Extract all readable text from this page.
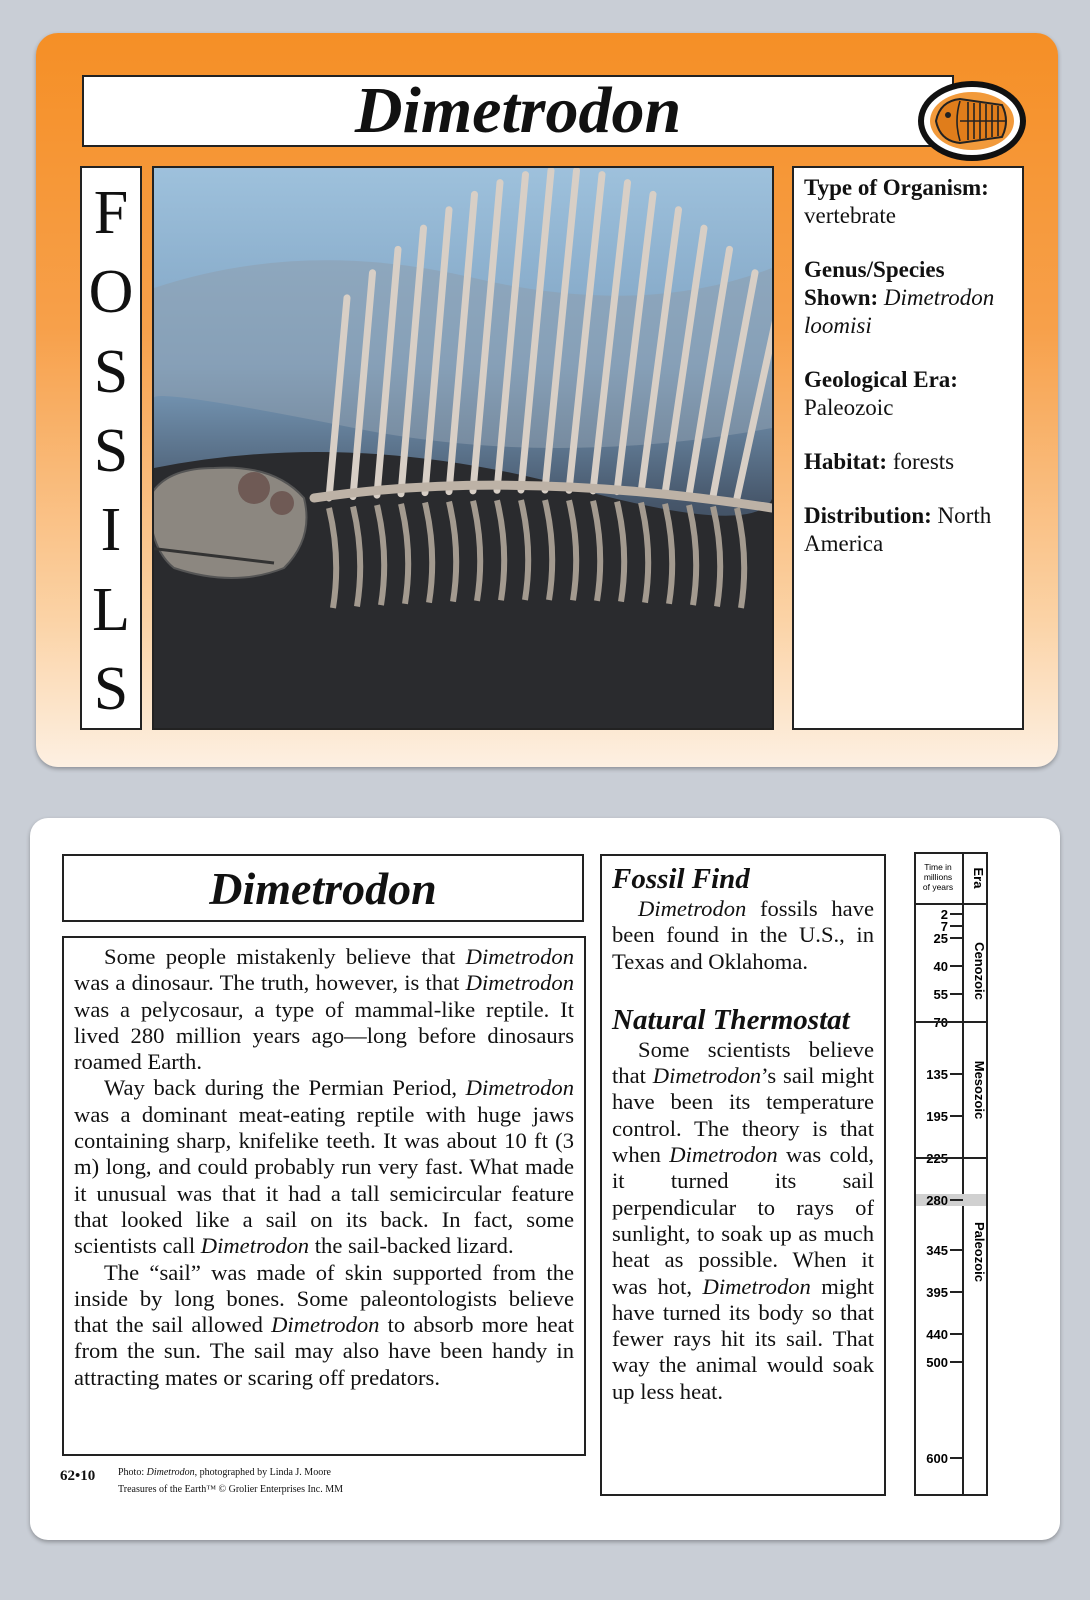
Dimetrodon
F
O
S
S
I
L
S

Type of Organism:
vertebrate

Genus/Species Shown: Dimetrodon loomisi

Geological Era:
Paleozoic

Habitat: forests

Distribution: North America

Dimetrodon

Some people mistakenly believe that Dimetrodon was a dinosaur. The truth, however, is that Dimetrodon was a pelycosaur, a type of mammal-like reptile. It lived 280 million years ago—long before dinosaurs roamed Earth.

Way back during the Permian Period, Dimetrodon was a dominant meat-eating reptile with huge jaws containing sharp, knifelike teeth. It was about 10 ft (3 m) long, and could probably run very fast. What made it unusual was that it had a tall semicircular feature that looked like a sail on its back. In fact, some scientists call Dimetrodon the sail-backed lizard.

The “sail” was made of skin supported from the inside by long bones. Some paleontologists believe that the sail allowed Dimetrodon to absorb more heat from the sun. The sail may also have been handy in attracting mates or scaring off predators.

62•10 Photo: Dimetrodon, photographed by Linda J. Moore
Treasures of the Earth™ © Grolier Enterprises Inc. MM
Fossil Find

Dimetrodon fossils have been found in the U.S., in Texas and Oklahoma.

Natural Thermostat

Some scientists believe that Dimetrodon’s sail might have been its temperature control. The theory is that when Dimetrodon was cold, it turned its sail perpendicular to rays of sunlight, to soak up as much heat as possible. When it was hot, Dimetrodon might have turned its body so that fewer rays hit its sail. That way the animal would soak up less heat.

Time in millions of years Era
2
7
25
40
55
70
135
195
225
280
345
395
440
500
600
Cenozoic
Mesozoic
Paleozoic
